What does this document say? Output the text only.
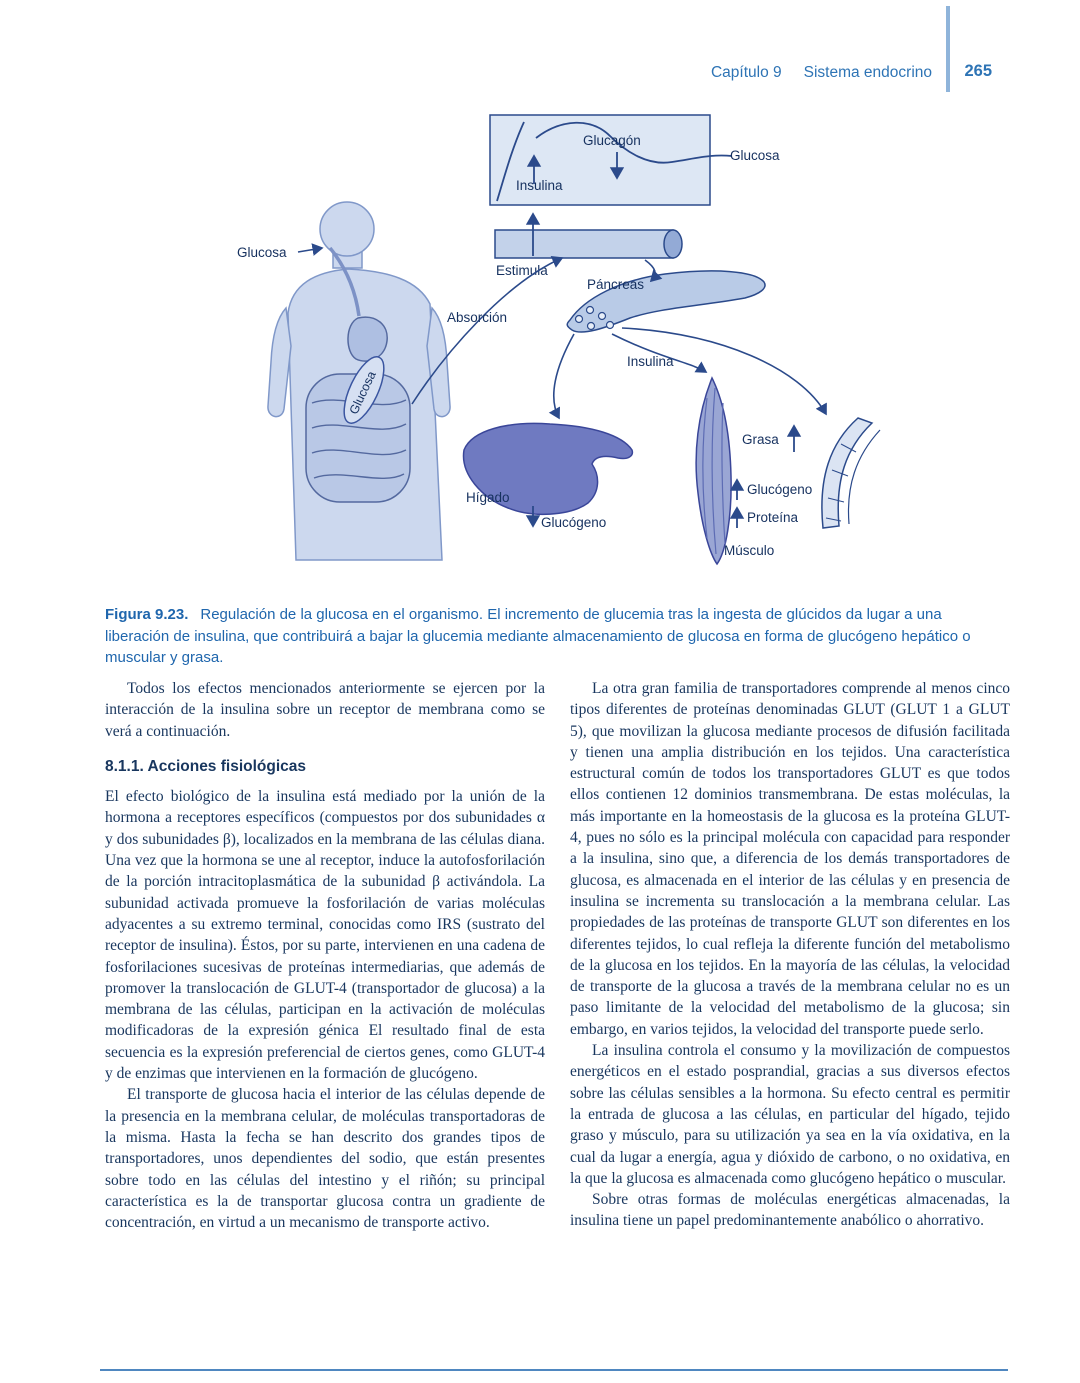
Capítulo 9 Sistema endocrino 265
Glucosa
Glucagón
Insulina
Glucosa
Estimula
Glucosa
Absorción
Páncreas
Insulina
Hígado
Glucógeno
Músculo
Glucógeno
Proteína
Grasa

Figura 9.23. Regulación de la glucosa en el organismo. El incremento de glucemia tras la ingesta de glúcidos da lugar a una liberación de insulina, que contribuirá a bajar la glucemia mediante almacenamiento de glucosa en forma de glucógeno hepático o muscular y grasa.

Todos los efectos mencionados anteriormente se ejercen por la interacción de la insulina sobre un receptor de membrana como se verá a continuación.

8.1.1. Acciones fisiológicas

El efecto biológico de la insulina está mediado por la unión de la hormona a receptores específicos (compuestos por dos subunidades α y dos subunidades β), localizados en la membrana de las células diana. Una vez que la hormona se une al receptor, induce la autofosforilación de la porción intracitoplasmática de la subunidad β activándola. La subunidad activada promueve la fosforilación de varias moléculas adyacentes a su extremo terminal, conocidas como IRS (sustrato del receptor de insulina). Éstos, por su parte, intervienen en una cadena de fosforilaciones sucesivas de proteínas intermediarias, que además de promover la translocación de GLUT-4 (transportador de glucosa) a la membrana de las células, participan en la activación de moléculas modificadoras de la expresión génica El resultado final de esta secuencia es la expresión preferencial de ciertos genes, como GLUT-4 y de enzimas que intervienen en la formación de glucógeno.

El transporte de glucosa hacia el interior de las células depende de la presencia en la membrana celular, de moléculas transportadoras de la misma. Hasta la fecha se han descrito dos grandes tipos de transportadores, unos dependientes del sodio, que están presentes sobre todo en las células del intestino y el riñón; su principal característica es la de transportar glucosa contra un gradiente de concentración, en virtud a un mecanismo de transporte activo.

La otra gran familia de transportadores comprende al menos cinco tipos diferentes de proteínas denominadas GLUT (GLUT 1 a GLUT 5), que movilizan la glucosa mediante procesos de difusión facilitada y tienen una amplia distribución en los tejidos. Una característica estructural común de todos los transportadores GLUT es que todos ellos contienen 12 dominios transmembrana. De estas moléculas, la más importante en la homeostasis de la glucosa es la proteína GLUT-4, pues no sólo es la principal molécula con capacidad para responder a la insulina, sino que, a diferencia de los demás transportadores de glucosa, es almacenada en el interior de las células y en presencia de insulina se incrementa su translocación a la membrana celular. Las propiedades de las proteínas de transporte GLUT son diferentes en los diferentes tejidos, lo cual refleja la diferente función del metabolismo de la glucosa en los tejidos. En la mayoría de las células, la velocidad de transporte de la glucosa a través de la membrana celular no es un paso limitante de la velocidad del metabolismo de la glucosa; sin embargo, en varios tejidos, la velocidad del transporte puede serlo.

La insulina controla el consumo y la movilización de compuestos energéticos en el estado posprandial, gracias a sus diversos efectos sobre las células sensibles a la hormona. Su efecto central es permitir la entrada de glucosa a las células, en particular del hígado, tejido graso y músculo, para su utilización ya sea en la vía oxidativa, en la cual da lugar a energía, agua y dióxido de carbono, o no oxidativa, en la que la glucosa es almacenada como glucógeno hepático o muscular.

Sobre otras formas de moléculas energéticas almacenadas, la insulina tiene un papel predominantemente anabólico o ahorrativo.
